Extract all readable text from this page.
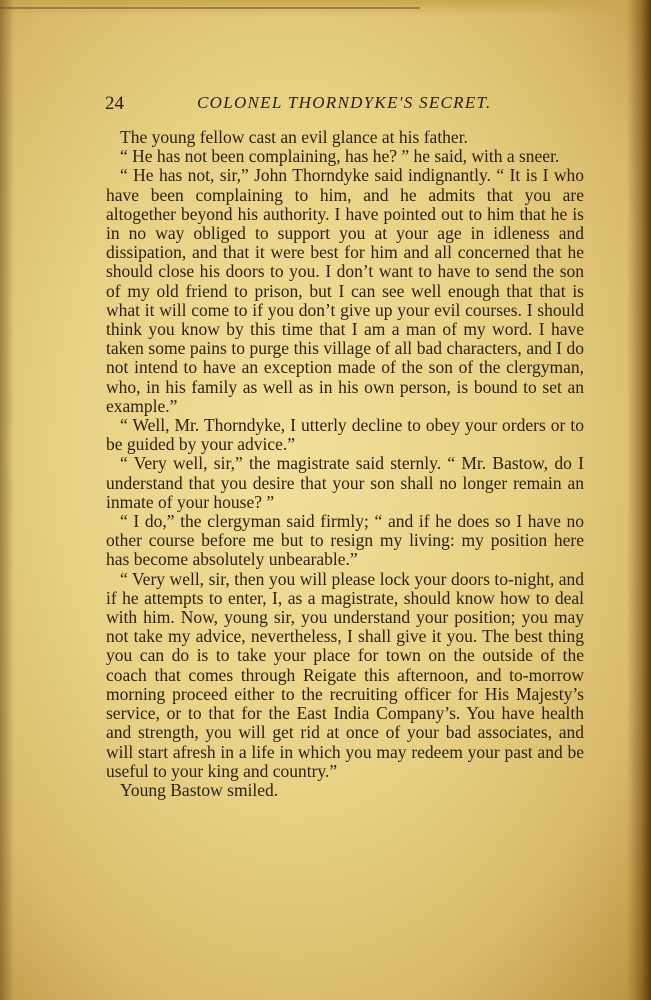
24	COLONEL THORNDYKE'S SECRET.

The young fellow cast an evil glance at his father.

“ He has not been complaining, has he? ” he said, with a sneer.

“ He has not, sir,” John Thorndyke said indignantly. “ It is I who have been complaining to him, and he admits that you are altogether beyond his authority. I have pointed out to him that he is in no way obliged to support you at your age in idleness and dissipation, and that it were best for him and all concerned that he should close his doors to you. I don’t want to have to send the son of my old friend to prison, but I can see well enough that that is what it will come to if you don’t give up your evil courses. I should think you know by this time that I am a man of my word. I have taken some pains to purge this village of all bad characters, and I do not intend to have an exception made of the son of the clergyman, who, in his family as well as in his own person, is bound to set an example.”

“ Well, Mr. Thorndyke, I utterly decline to obey your orders or to be guided by your advice.”

“ Very well, sir,” the magistrate said sternly. “ Mr. Bastow, do I understand that you desire that your son shall no longer remain an inmate of your house? ”

“ I do,” the clergyman said firmly; “ and if he does so I have no other course before me but to resign my living: my position here has become absolutely unbearable.”

“ Very well, sir, then you will please lock your doors to-night, and if he attempts to enter, I, as a magistrate, should know how to deal with him. Now, young sir, you understand your position; you may not take my advice, nevertheless, I shall give it you. The best thing you can do is to take your place for town on the outside of the coach that comes through Reigate this afternoon, and to-morrow morning proceed either to the recruiting officer for His Majesty’s service, or to that for the East India Company’s. You have health and strength, you will get rid at once of your bad associates, and will start afresh in a life in which you may redeem your past and be useful to your king and country.”

Young Bastow smiled.
